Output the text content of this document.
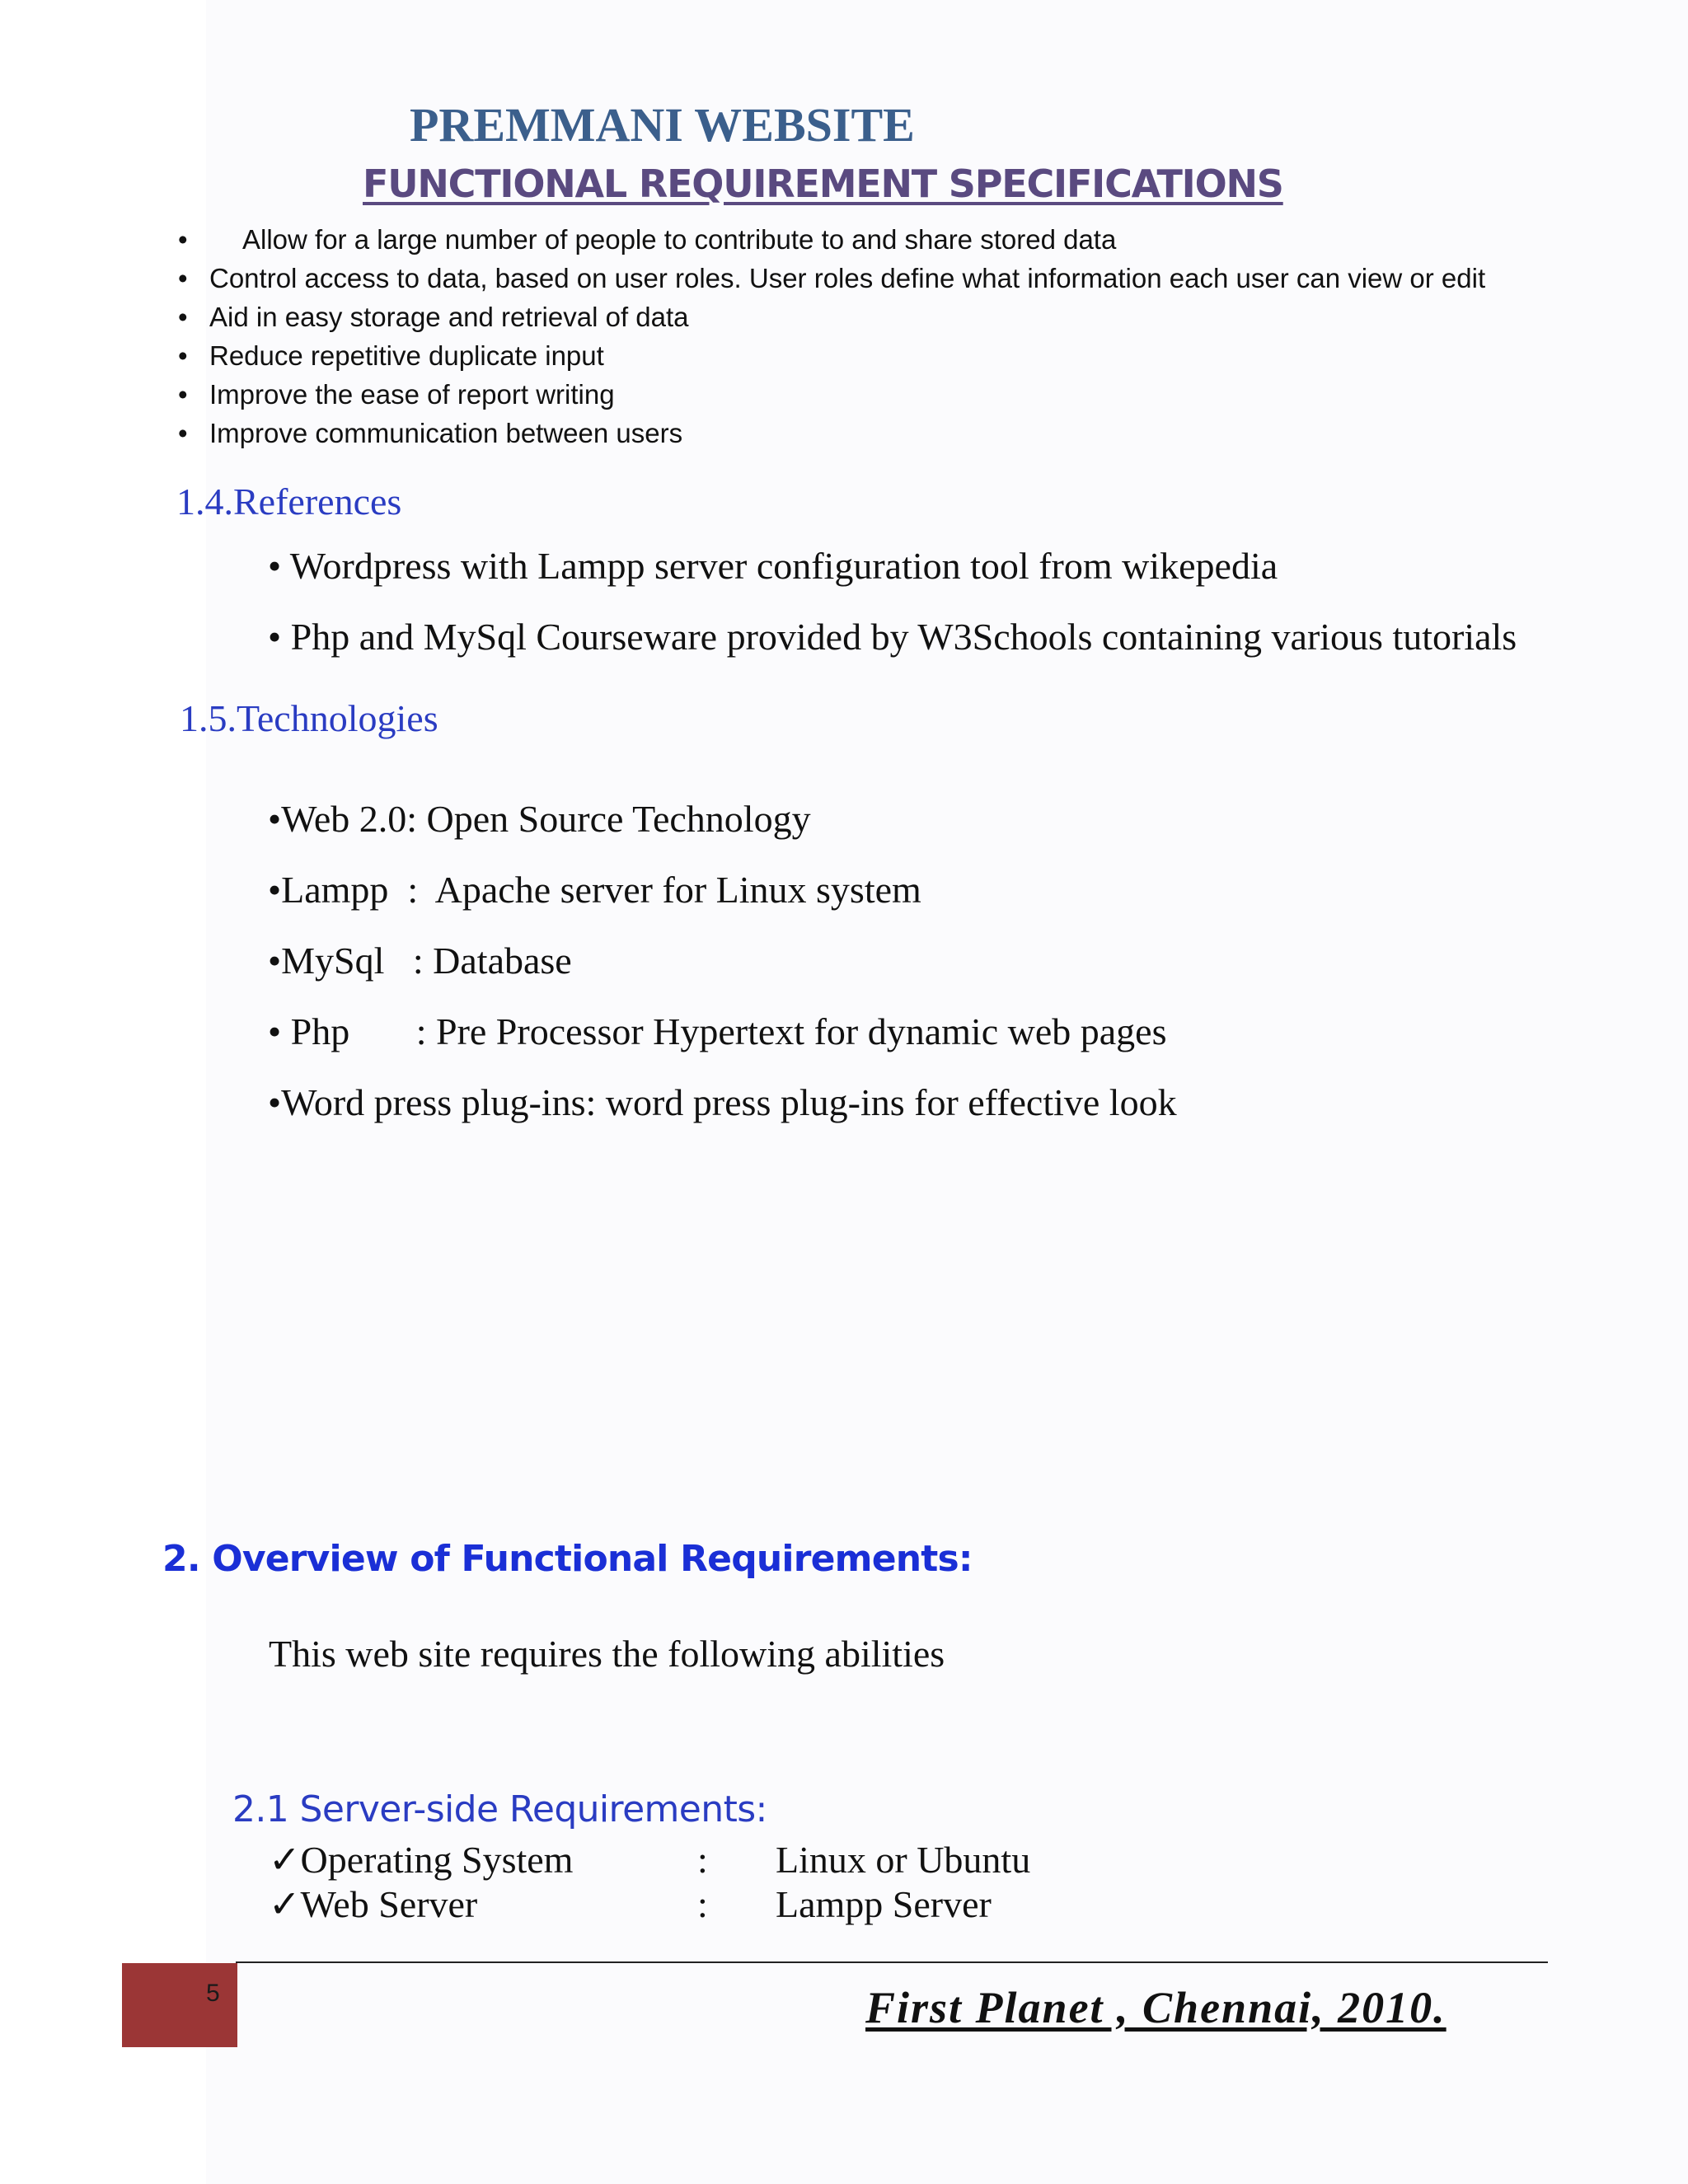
PREMMANI WEBSITE
FUNCTIONAL REQUIREMENT SPECIFICATIONS
• Allow for a large number of people to contribute to and share stored data
• Control access to data, based on user roles. User roles define what information each user can view or edit
• Aid in easy storage and retrieval of data
• Reduce repetitive duplicate input
• Improve the ease of report writing
• Improve communication between users
1.4.References
• Wordpress with Lampp server configuration tool from wikepedia
• Php and MySql Courseware provided by W3Schools containing various tutorials
1.5.Technologies
•Web 2.0: Open Source Technology
•Lampp  :  Apache server for Linux system
•MySql   : Database
• Php       : Pre Processor Hypertext for dynamic web pages
•Word press plug-ins: word press plug-ins for effective look
2. Overview of Functional Requirements:
This web site requires the following abilities
2.1 Server-side Requirements:
✓Operating System	: Linux or Ubuntu
✓Web Server	: Lampp Server
5	First Planet , Chennai, 2010.
